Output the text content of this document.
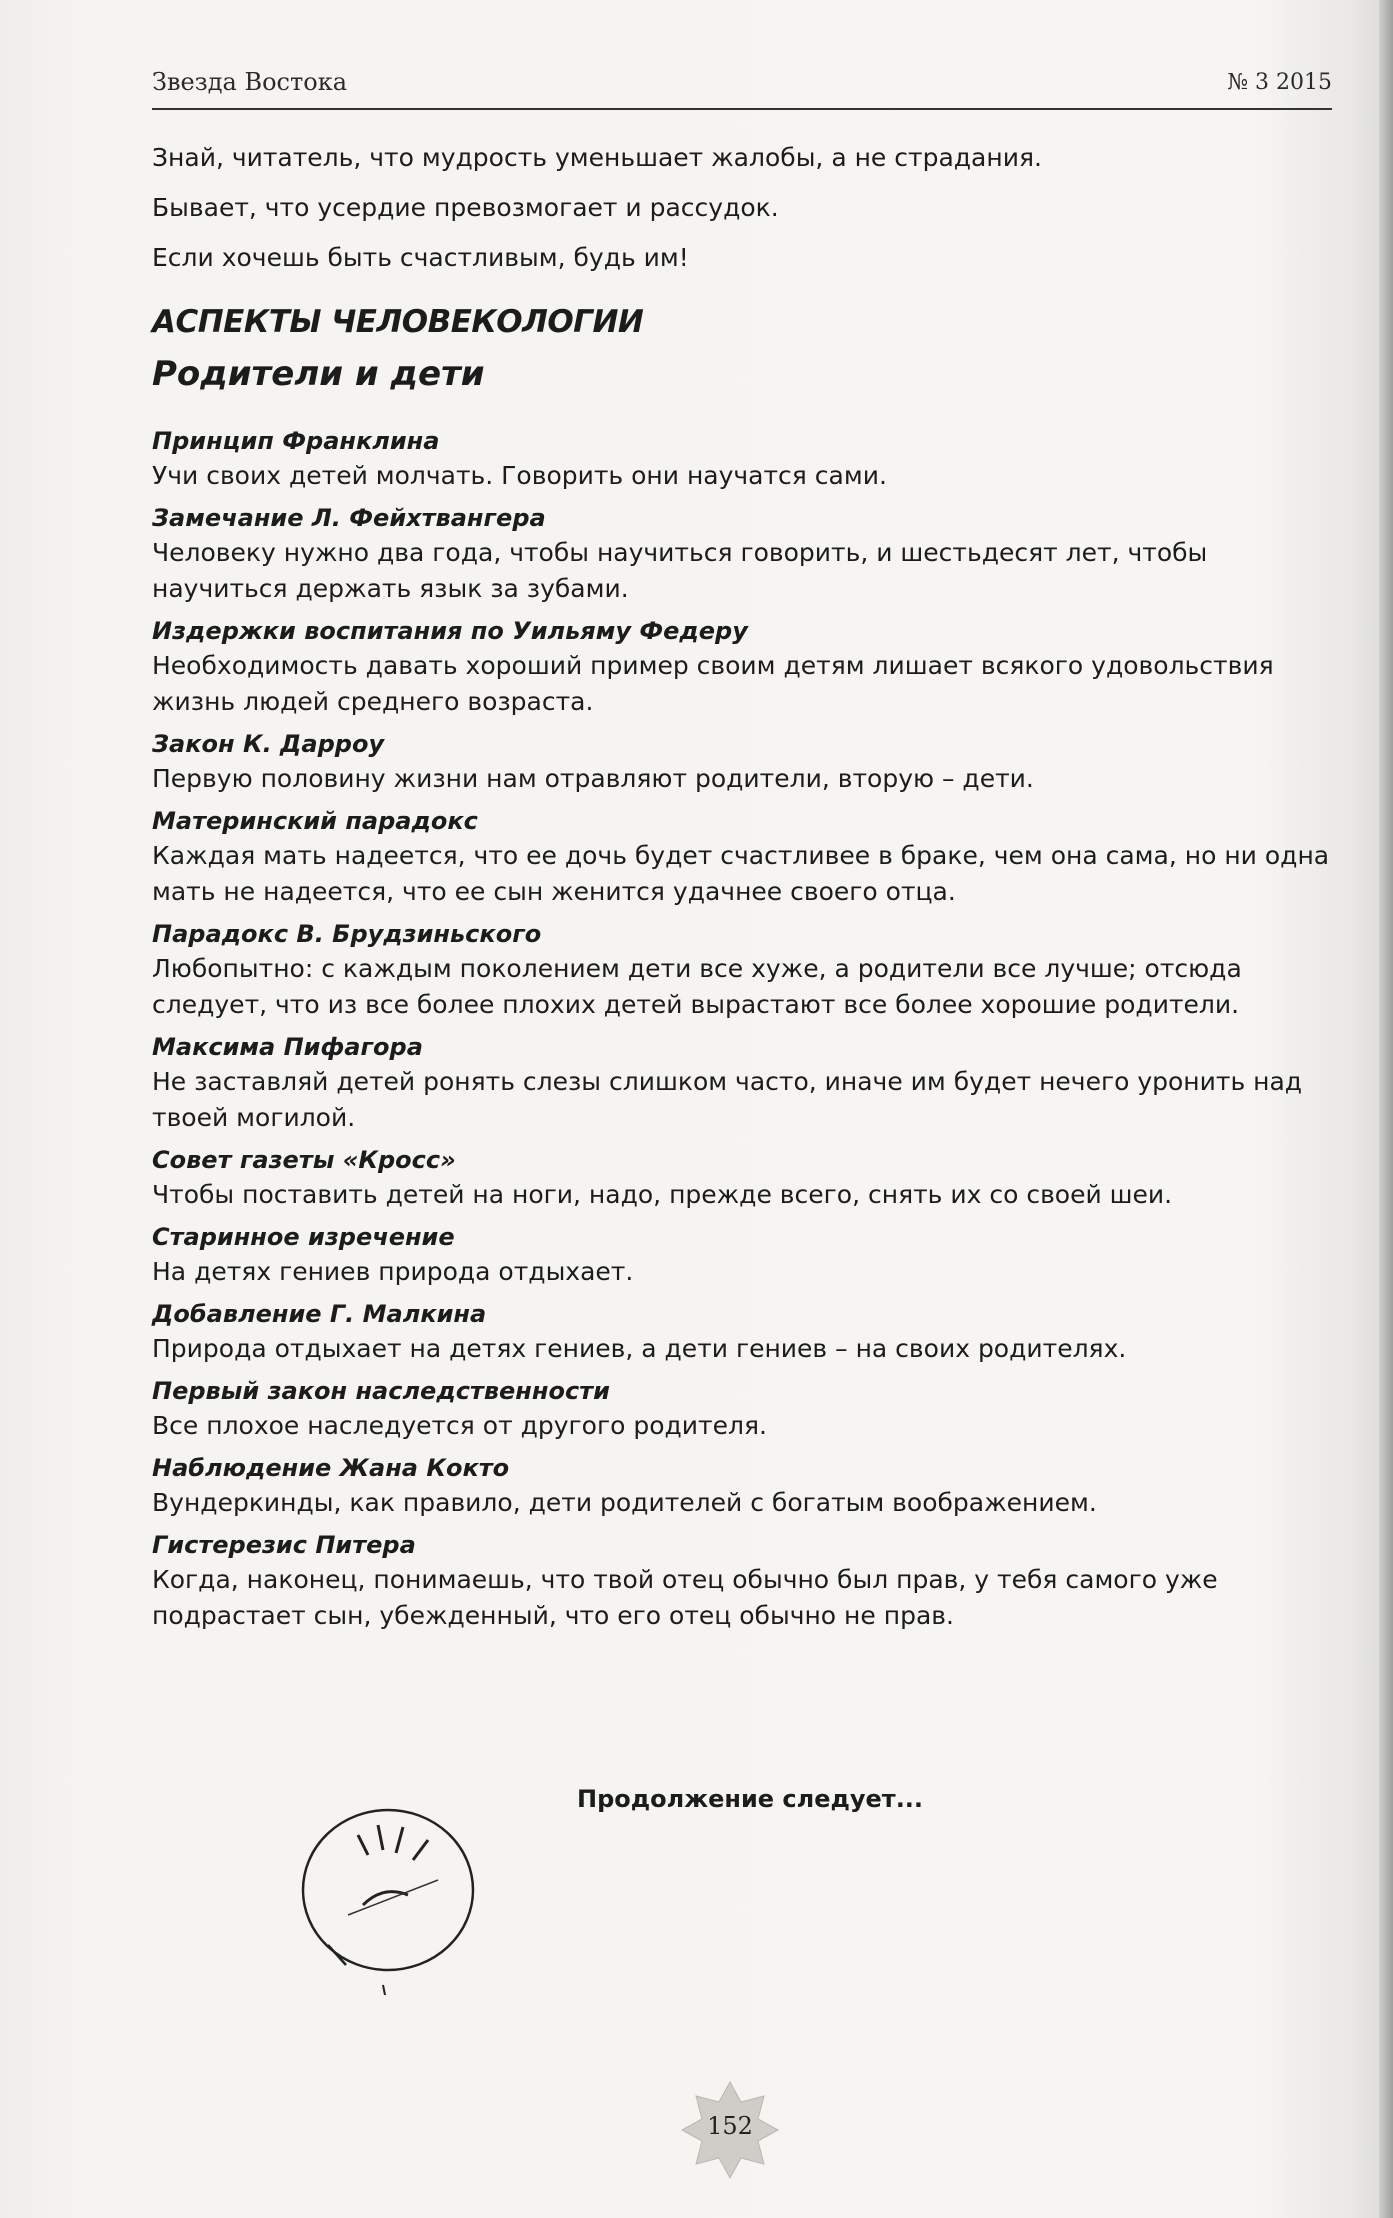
Звезда Востока	№ 3 2015

Знай, читатель, что мудрость уменьшает жалобы, а не страдания.

Бывает, что усердие превозмогает и рассудок.

Если хочешь быть счастливым, будь им!

АСПЕКТЫ ЧЕЛОВЕКОЛОГИИ
Родители и дети
Принцип Франклина
Учи своих детей молчать. Говорить они научатся сами.
Замечание Л. Фейхтвангера
Человеку нужно два года, чтобы научиться говорить, и шестьдесят лет, чтобы научиться держать язык за зубами.
Издержки воспитания по Уильяму Федеру
Необходимость давать хороший пример своим детям лишает всякого удовольствия жизнь людей среднего возраста.
Закон К. Дарроу
Первую половину жизни нам отравляют родители, вторую – дети.
Материнский парадокс
Каждая мать надеется, что ее дочь будет счастливее в браке, чем она сама, но ни одна мать не надеется, что ее сын женится удачнее своего отца.
Парадокс В. Брудзиньского
Любопытно: с каждым поколением дети все хуже, а родители все лучше; отсюда следует, что из все более плохих детей вырастают все более хорошие родители.
Максима Пифагора
Не заставляй детей ронять слезы слишком часто, иначе им будет нечего уронить над твоей могилой.
Совет газеты «Кросс»
Чтобы поставить детей на ноги, надо, прежде всего, снять их со своей шеи.
Старинное изречение
На детях гениев природа отдыхает.
Добавление Г. Малкина
Природа отдыхает на детях гениев, а дети гениев – на своих родителях.
Первый закон наследственности
Все плохое наследуется от другого родителя.
Наблюдение Жана Кокто
Вундеркинды, как правило, дети родителей с богатым воображением.
Гистерезис Питера
Когда, наконец, понимаешь, что твой отец обычно был прав, у тебя самого уже подрастает сын, убежденный, что его отец обычно не прав.
Продолжение следует...
152
